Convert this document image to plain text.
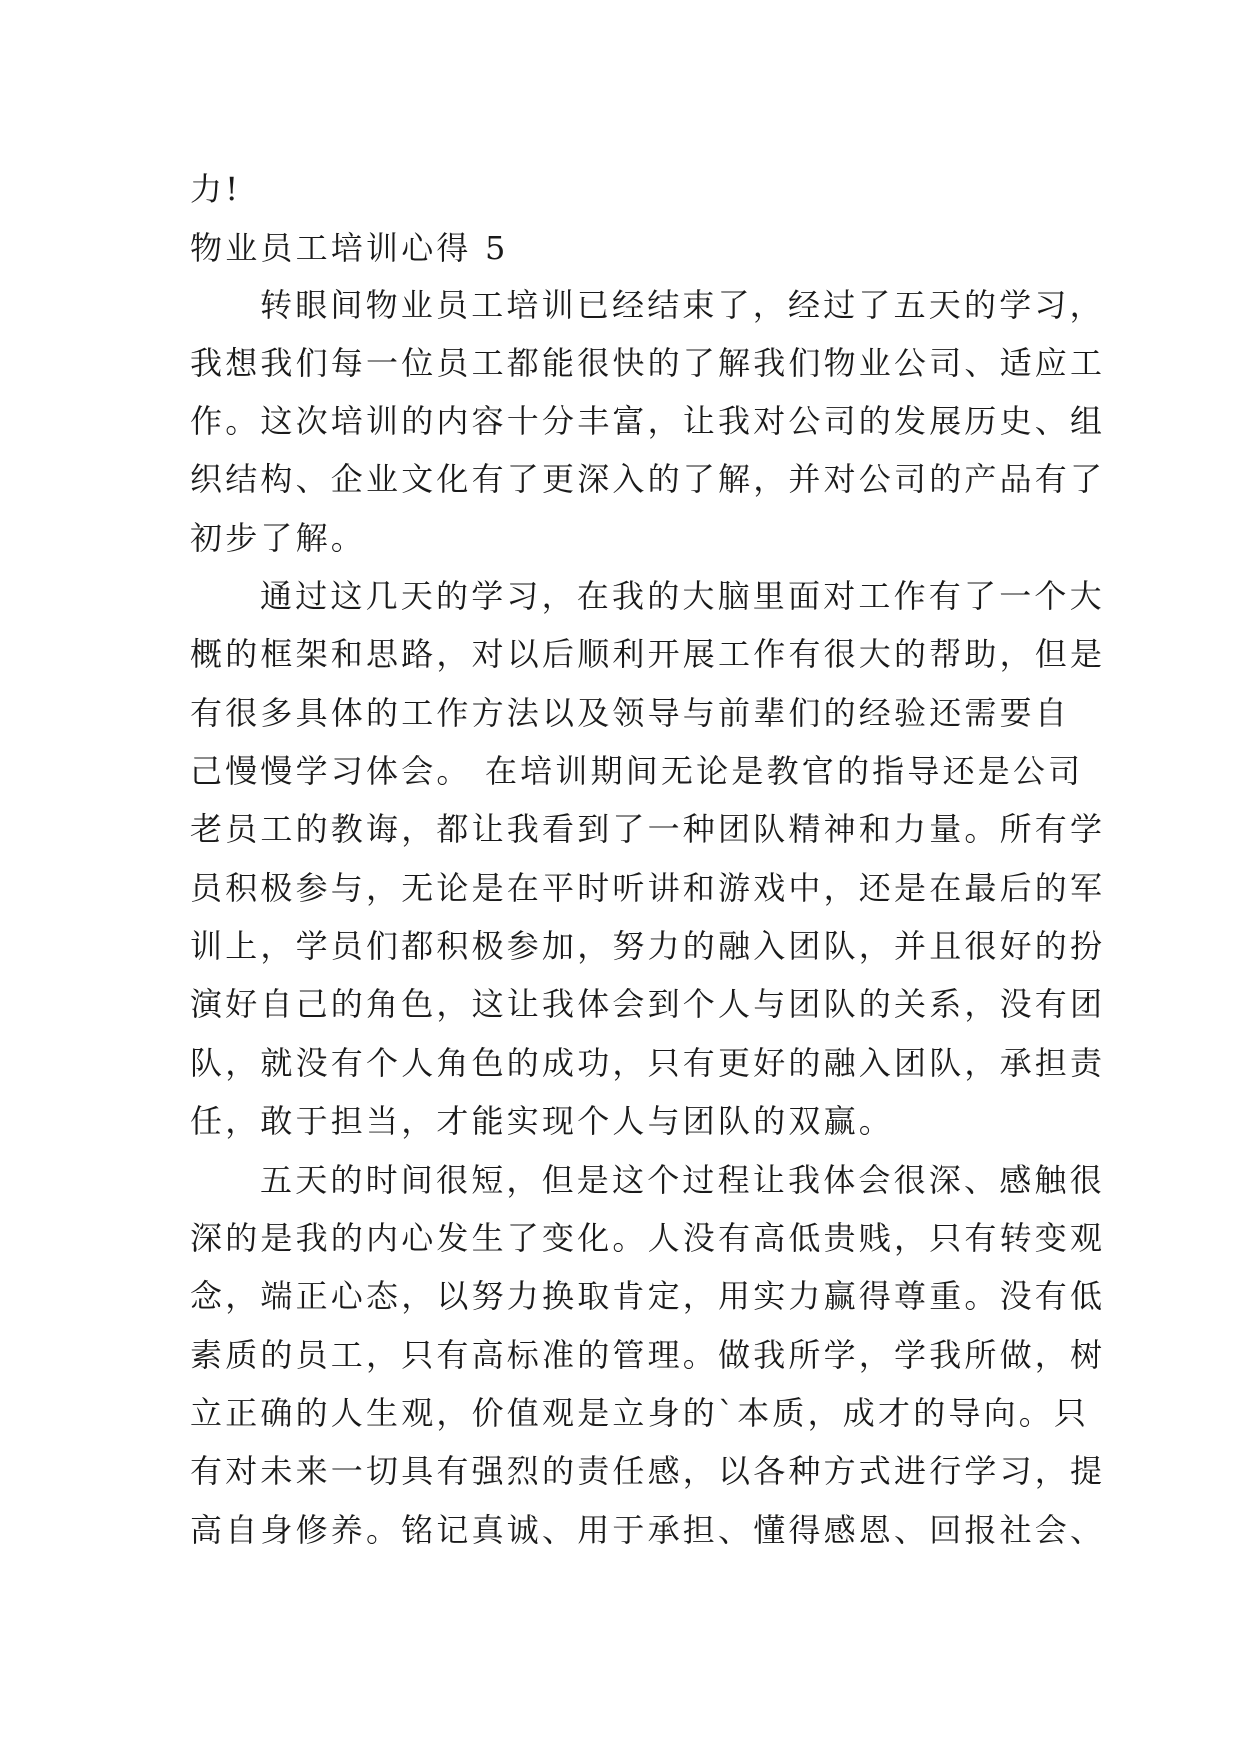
力!
物业员工培训心得 5
转眼间物业员工培训已经结束了，经过了五天的学习，
我想我们每一位员工都能很快的了解我们物业公司、适应工
作。这次培训的内容十分丰富，让我对公司的发展历史、组
织结构、企业文化有了更深入的了解，并对公司的产品有了
初步了解。
通过这几天的学习，在我的大脑里面对工作有了一个大
概的框架和思路，对以后顺利开展工作有很大的帮助，但是
有很多具体的工作方法以及领导与前辈们的经验还需要自
己慢慢学习体会。 在培训期间无论是教官的指导还是公司
老员工的教诲，都让我看到了一种团队精神和力量。所有学
员积极参与，无论是在平时听讲和游戏中，还是在最后的军
训上，学员们都积极参加，努力的融入团队，并且很好的扮
演好自己的角色，这让我体会到个人与团队的关系，没有团
队，就没有个人角色的成功，只有更好的融入团队，承担责
任，敢于担当，才能实现个人与团队的双赢。
五天的时间很短，但是这个过程让我体会很深、感触很
深的是我的内心发生了变化。人没有高低贵贱，只有转变观
念，端正心态，以努力换取肯定，用实力赢得尊重。没有低
素质的员工，只有高标准的管理。做我所学，学我所做，树
立正确的人生观，价值观是立身的`本质，成才的导向。只
有对未来一切具有强烈的责任感，以各种方式进行学习，提
高自身修养。铭记真诚、用于承担、懂得感恩、回报社会、
